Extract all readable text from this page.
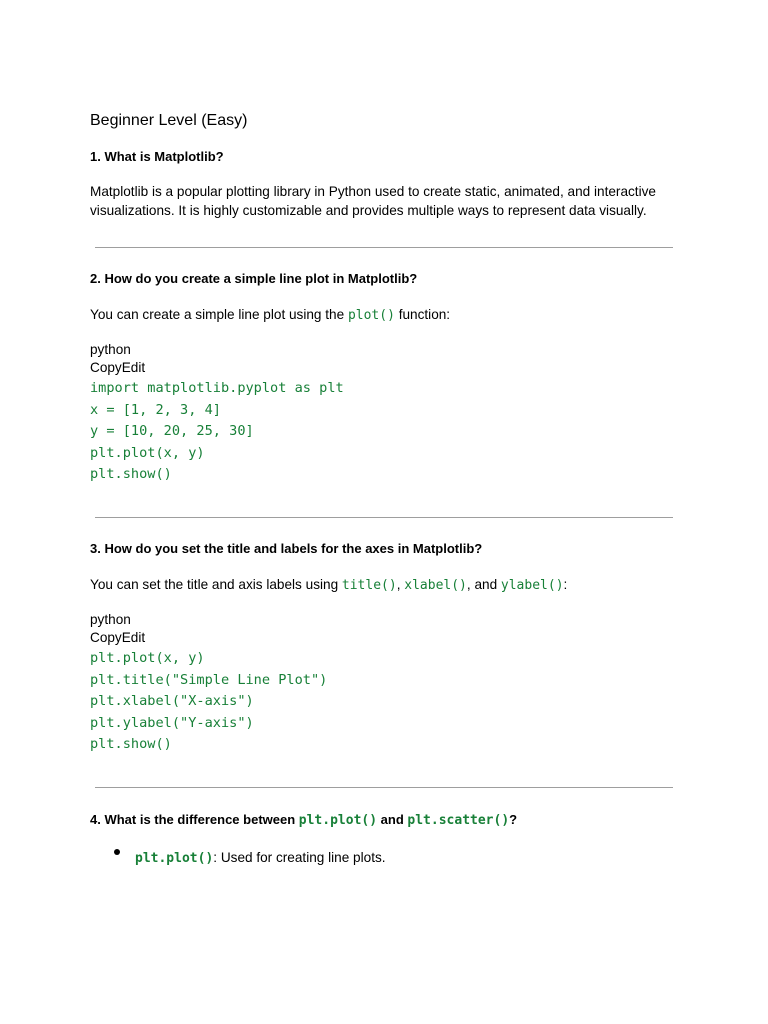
Beginner Level (Easy)
1. What is Matplotlib?
Matplotlib is a popular plotting library in Python used to create static, animated, and interactive visualizations. It is highly customizable and provides multiple ways to represent data visually.
2. How do you create a simple line plot in Matplotlib?
You can create a simple line plot using the plot() function:
python
CopyEdit
import matplotlib.pyplot as plt
x = [1, 2, 3, 4]
y = [10, 20, 25, 30]
plt.plot(x, y)
plt.show()
3. How do you set the title and labels for the axes in Matplotlib?
You can set the title and axis labels using title(), xlabel(), and ylabel():
python
CopyEdit
plt.plot(x, y)
plt.title("Simple Line Plot")
plt.xlabel("X-axis")
plt.ylabel("Y-axis")
plt.show()
4. What is the difference between plt.plot() and plt.scatter()?
plt.plot(): Used for creating line plots.
